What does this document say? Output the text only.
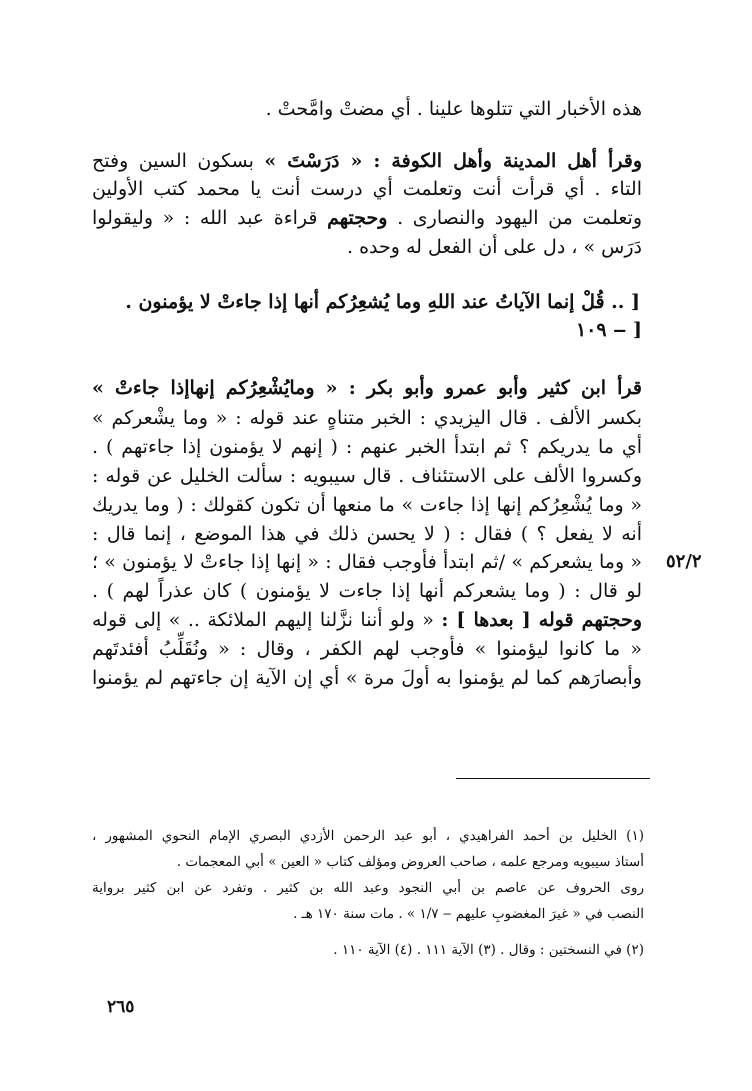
هذه الأخبار التي تتلوها علينا . أي مضتْ وامَّحتْ .
وقرأ أهل المدينة وأهل الكوفة : « دَرَسْتَ » بسكون السين وفتح
التاء . أي قرأت أنت وتعلمت أي درست أنت يا محمد كتب الأولين
وتعلمت من اليهود والنصارى . وحجتهم قراءة عبد الله : « وليقولوا
دَرَس » ، دل على أن الفعل له وحده .
[ .. قُلْ إنما الآياتُ عند اللهِ وما يُشعِرُكم أنها إذا جاءتْ لا يؤمنون .
۱۰۹ ‒ ]
قرأ ابن كثير وأبو عمرو وأبو بكر : « ومايُشْعِرُكم إنهاإذا جاءتْ »
بكسر الألف . قال اليزيدي : الخبر متناهٍ عند قوله : « وما يشْعركم »
أي ما يدريكم ؟ ثم ابتدأ الخبر عنهم : ( إنهم لا يؤمنون إذا جاءتهم ) .
وكسروا الألف على الاستئناف . قال سيبويه : سألت الخليل عن قوله :
« وما يُشْعِرُكم إنها إذا جاءت » ما منعها أن تكون كقولك : ( وما يدريك
أنه لا يفعل ؟ ) فقال : ( لا يحسن ذلك في هذا الموضع ، إنما قال :
« وما يشعركم » /ثم ابتدأ فأوجب فقال : « إنها إذا جاءتْ لا يؤمنون » ؛ ٥٢/٢
لو قال : ( وما يشعركم أنها إذا جاءت لا يؤمنون ) كان عذراً لهم ) .
وحجتهم قوله [ بعدها ] : « ولو أننا نزَّلنا إليهم الملائكة .. » إلى قوله
« ما كانوا ليؤمنوا » فأوجب لهم الكفر ، وقال : « ونُقَلِّبُ أفئدتَهم
وأبصارَهم كما لم يؤمنوا به أولَ مرة » أي إن الآية إن جاءتهم لم يؤمنوا
(۱) الخليل بن أحمد الفراهيدي ، أبو عبد الرحمن الأزدي البصري الإمام النحوي المشهور ،
أستاذ سيبويه ومرجع علمه ، صاحب العروض ومؤلف كتاب « العين » أبي المعجمات .
روى الحروف عن عاصم بن أبي النجود وعبد الله بن كثير . وتفرد عن ابن كثير برواية
النصب في « غيرَ المغضوبِ عليهم ‒ ۱/۷ » . مات سنة ۱۷۰ هـ .
(۲) في النسختين : وقال . (۳) الآية ۱۱۱ . (٤) الآية ۱۱۰ .
٢٦٥
